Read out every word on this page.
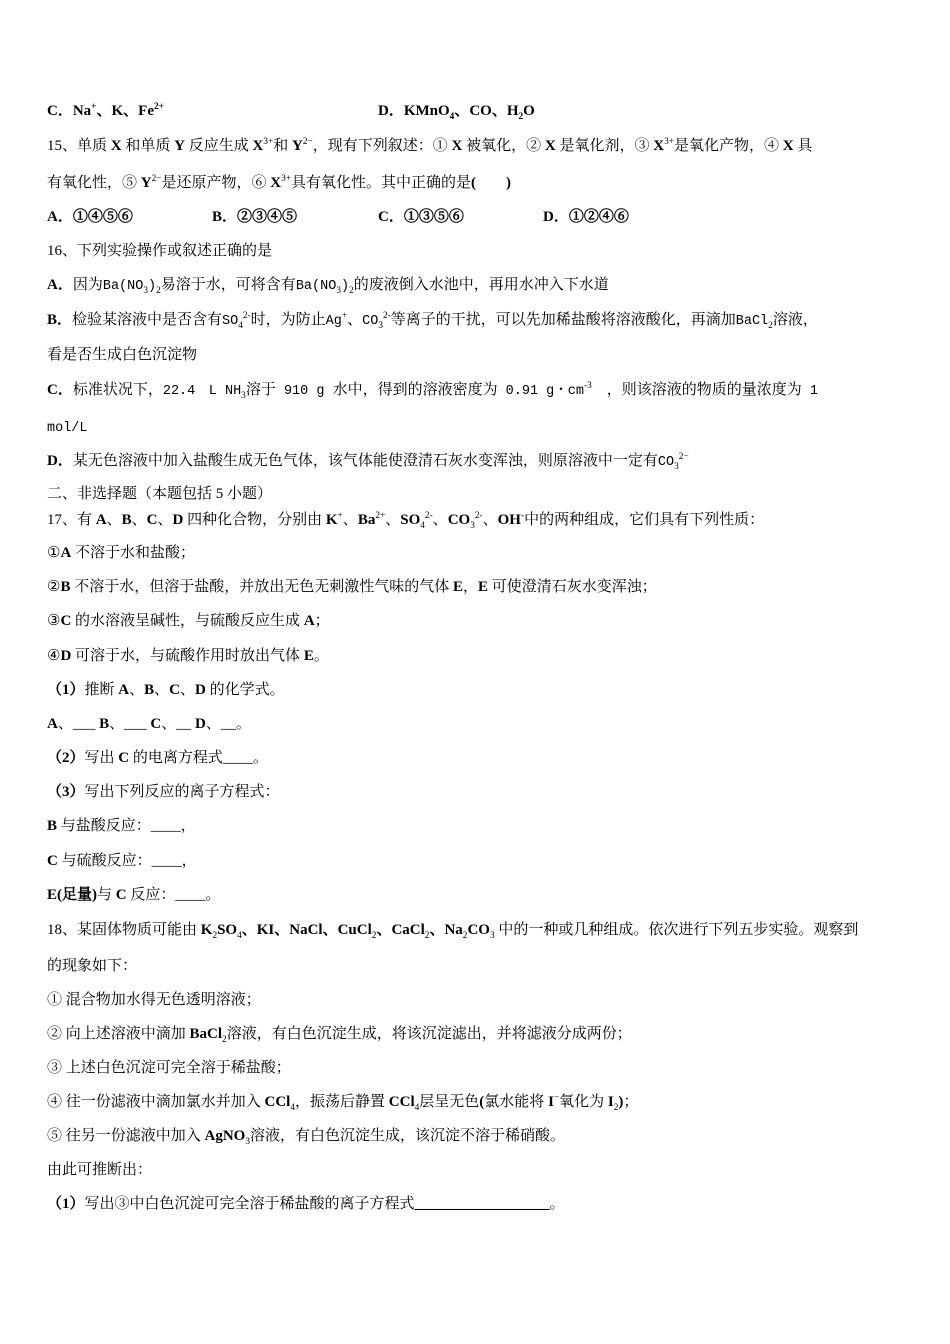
C．Na+、K、$Fe^{2+}$	D．KMnO$_4$、CO、$H_2O$
15、单质 X 和单质 Y 反应生成 $X^{3+}$和 $Y^{2-}$，现有下列叙述：① X 被氧化，② X 是氧化剂，③ $X^{3+}$是氧化产物，④ X 具
有氧化性，⑤ $Y^{2-}$是还原产物，⑥ $X^{3+}$具有氧化性。其中正确的是(　　)
A．①④⑤⑥	B．②③④⑤	C．①③⑤⑥	D．①②④⑥
16、下列实验操作或叙述正确的是
A．因为$Ba(NO_3)_2$易溶于水，可将含有$Ba(NO_3)_2$的废液倒入水池中，再用水冲入下水道
B．检验某溶液中是否含有$SO_4^{2-}$时，为防止Ag+、$CO_3^{2-}$等离子的干扰，可以先加稀盐酸将溶液酸化，再滴加BaCl$_2$溶液，
看是否生成白色沉淀物
C．标准状况下，22.4　L $NH_3$溶于 910 g 水中，得到的溶液密度为 0.91 g・$cm^{-3}$　，则该溶液的物质的量浓度为 1
mol/L
D．某无色溶液中加入盐酸生成无色气体，该气体能使澄清石灰水变浑浊，则原溶液中一定有$CO_3^{2-}$
二、非选择题（本题包括 5 小题）
17、有 A、B、C、D 四种化合物，分别由 K+、$Ba^{2+}$、$SO_4^{2-}$、$CO_3^{2-}$、OH-中的两种组成，它们具有下列性质：
①A 不溶于水和盐酸；
②B 不溶于水，但溶于盐酸，并放出无色无刺激性气味的气体 E，E 可使澄清石灰水变浑浊；
③C 的水溶液呈碱性，与硫酸反应生成 A；
④D 可溶于水，与硫酸作用时放出气体 E。
（1）推断 A、B、C、D 的化学式。
A、___ B、___ C、__ D、__。
（2）写出 C 的电离方程式____。
（3）写出下列反应的离子方程式：
B 与盐酸反应：____，
C 与硫酸反应：____，
E(足量)与 C 反应：____。
18、某固体物质可能由 $K_2SO_4$、KI、NaCl、CuCl$_2$、CaCl$_2$、$Na_2CO_3$ 中的一种或几种组成。依次进行下列五步实验。观察到
的现象如下：
① 混合物加水得无色透明溶液；
② 向上述溶液中滴加 BaCl$_2$溶液，有白色沉淀生成，将该沉淀滤出，并将滤液分成两份；
③ 上述白色沉淀可完全溶于稀盐酸；
④ 往一份滤液中滴加氯水并加入 CCl$_4$，振荡后静置 CCl$_4$层呈无色(氯水能将 I−氧化为 $I_2$)；
⑤ 往另一份滤液中加入 AgNO$_3$溶液，有白色沉淀生成，该沉淀不溶于稀硝酸。
由此可推断出：
（1）写出③中白色沉淀可完全溶于稀盐酸的离子方程式__________________。
